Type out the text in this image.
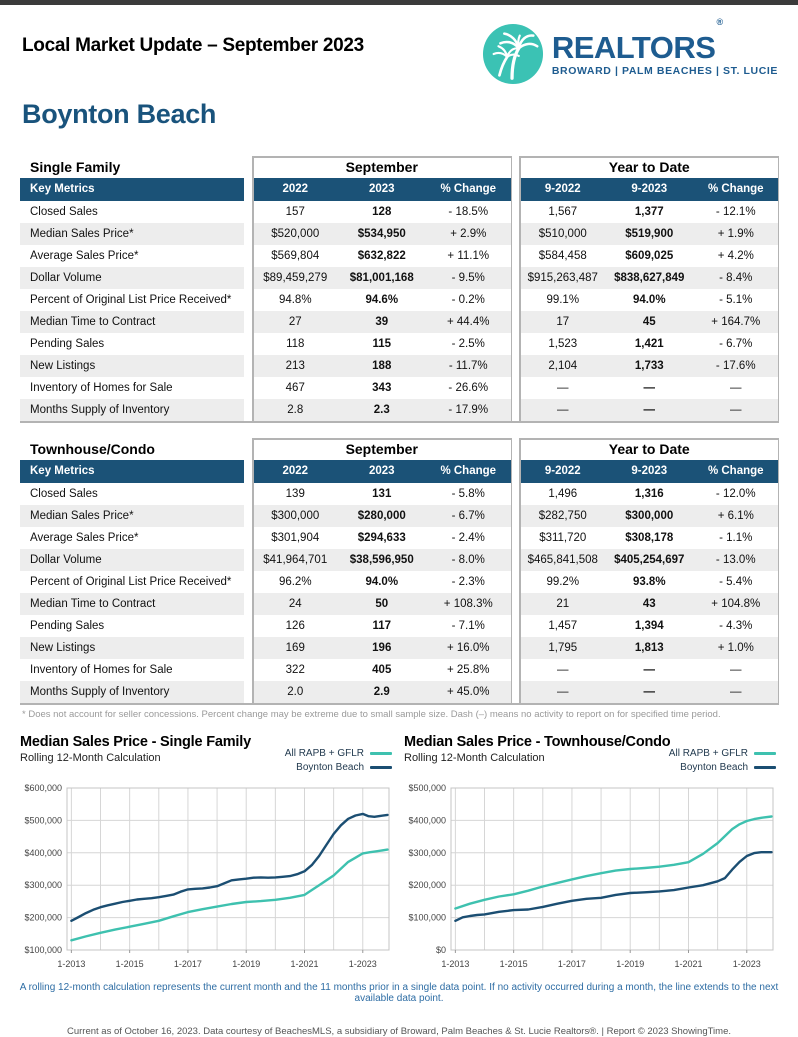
Local Market Update – September 2023	REALTORS®
BROWARD | PALM BEACHES | ST. LUCIE
Boynton Beach
Single Family	September	Year to Date
Key Metrics	2022	2023	% Change	9-2022	9-2023	% Change
Closed Sales	157	128	- 18.5%	1,567	1,377	- 12.1%
Median Sales Price*	$520,000	$534,950	+ 2.9%	$510,000	$519,900	+ 1.9%
Average Sales Price*	$569,804	$632,822	+ 11.1%	$584,458	$609,025	+ 4.2%
Dollar Volume	$89,459,279	$81,001,168	- 9.5%	$915,263,487	$838,627,849	- 8.4%
Percent of Original List Price Received*	94.8%	94.6%	- 0.2%	99.1%	94.0%	- 5.1%
Median Time to Contract	27	39	+ 44.4%	17	45	+ 164.7%
Pending Sales	118	115	- 2.5%	1,523	1,421	- 6.7%
New Listings	213	188	- 11.7%	2,104	1,733	- 17.6%
Inventory of Homes for Sale	467	343	- 26.6%	—	—	—
Months Supply of Inventory	2.8	2.3	- 17.9%	—	—	—
Townhouse/Condo	September	Year to Date
Key Metrics	2022	2023	% Change	9-2022	9-2023	% Change
Closed Sales	139	131	- 5.8%	1,496	1,316	- 12.0%
Median Sales Price*	$300,000	$280,000	- 6.7%	$282,750	$300,000	+ 6.1%
Average Sales Price*	$301,904	$294,633	- 2.4%	$311,720	$308,178	- 1.1%
Dollar Volume	$41,964,701	$38,596,950	- 8.0%	$465,841,508	$405,254,697	- 13.0%
Percent of Original List Price Received*	96.2%	94.0%	- 2.3%	99.2%	93.8%	- 5.4%
Median Time to Contract	24	50	+ 108.3%	21	43	+ 104.8%
Pending Sales	126	117	- 7.1%	1,457	1,394	- 4.3%
New Listings	169	196	+ 16.0%	1,795	1,813	+ 1.0%
Inventory of Homes for Sale	322	405	+ 25.8%	—	—	—
Months Supply of Inventory	2.0	2.9	+ 45.0%	—	—	—
* Does not account for seller concessions. Percent change may be extreme due to small sample size. Dash (–) means no activity to report on for specified time period.
Median Sales Price - Single Family
Rolling 12-Month Calculation	All RAPB + GFLR
Boynton Beach
$100,000
$200,000
$300,000
$400,000
$500,000
$600,000
1-2013	1-2015	1-2017	1-2019	1-2021	1-2023
Median Sales Price - Townhouse/Condo
Rolling 12-Month Calculation	All RAPB + GFLR
Boynton Beach
$0
$100,000
$200,000
$300,000
$400,000
$500,000
1-2013	1-2015	1-2017	1-2019	1-2021	1-2023
A rolling 12-month calculation represents the current month and the 11 months prior in a single data point. If no activity occurred during a month, the line extends to the next available data point.
Current as of October 16, 2023. Data courtesy of BeachesMLS, a subsidiary of Broward, Palm Beaches & St. Lucie Realtors®. | Report © 2023 ShowingTime.
